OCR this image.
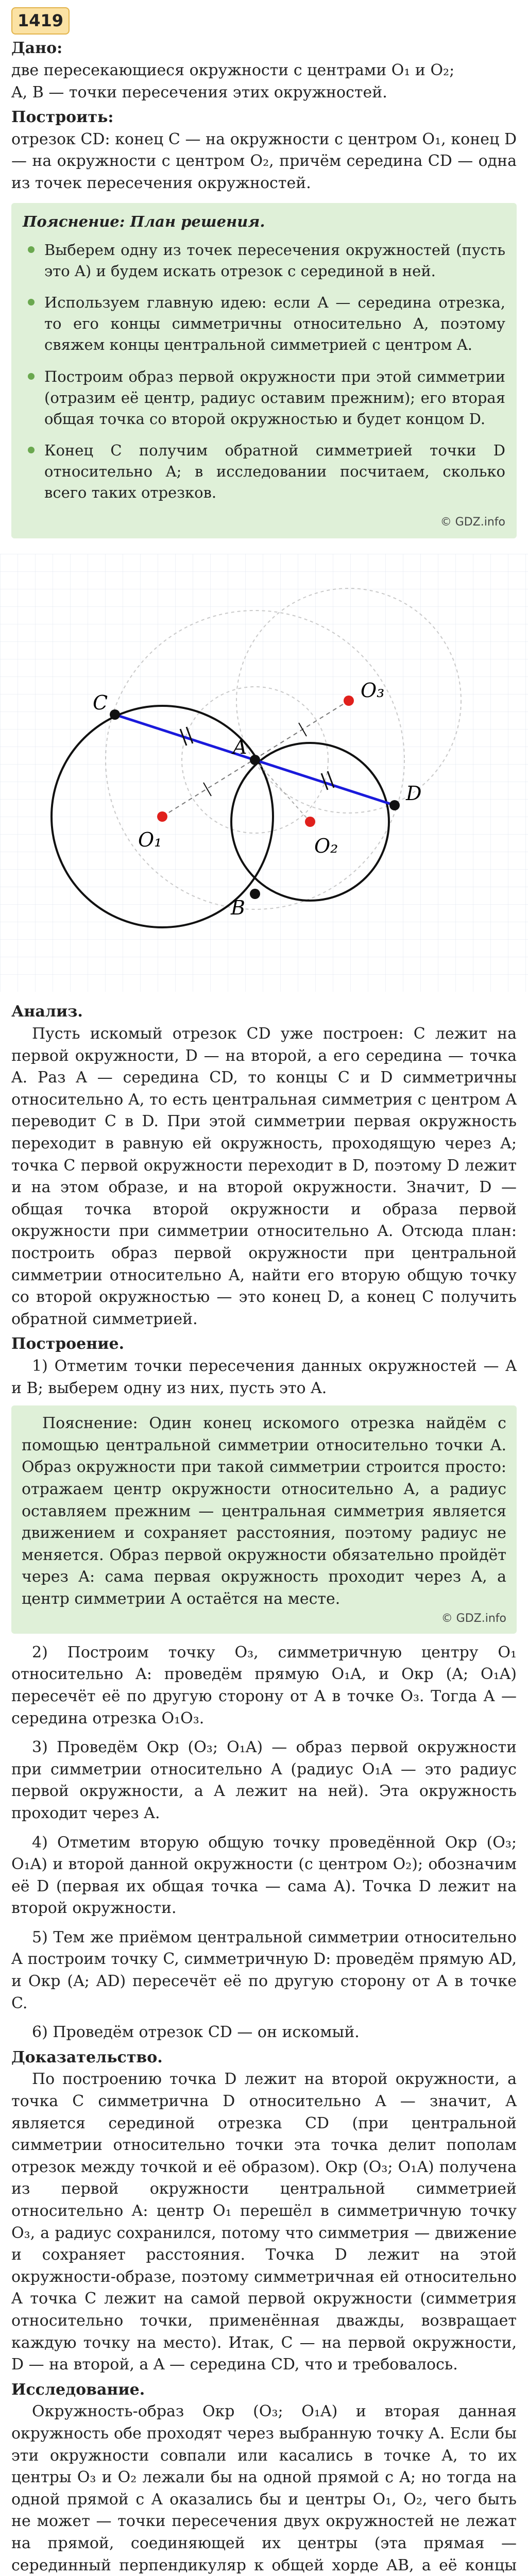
1419
Дано:

две пересекающиеся окружности с центрами O₁ и O₂;

A, B — точки пересечения этих окружностей.

Построить:

отрезок CD: конец C — на окружности с центром O₁, конец D — на окружности с центром O₂, причём середина CD — одна из точек пересечения окружностей.

Пояснение: План решения.
Выберем одну из точек пересечения окружностей (пусть это A) и будем искать отрезок с серединой в ней.
Используем главную идею: если A — середина отрезка, то его концы симметричны относительно A, поэтому свяжем концы центральной симметрией с центром A.
Построим образ первой окружности при этой симметрии (отразим её центр, радиус оставим прежним); его вторая общая точка со второй окружностью и будет концом D.
Конец C получим обратной симметрией точки D относительно A; в исследовании посчитаем, сколько всего таких отрезков.
© GDZ.info
C
A
D
B
O₁	O₂
O₃
Анализ.

Пусть искомый отрезок CD уже построен: C лежит на первой окружности, D — на второй, а его середина — точка A. Раз A — середина CD, то концы C и D симметричны относительно A, то есть центральная симметрия с центром A переводит C в D. При этой симметрии первая окружность переходит в равную ей окружность, проходящую через A; точка C первой окружности переходит в D, поэтому D лежит и на этом образе, и на второй окружности. Значит, D — общая точка второй окружности и образа первой окружности при симметрии относительно A. Отсюда план: построить образ первой окружности при центральной симметрии относительно A, найти его вторую общую точку со второй окружностью — это конец D, а конец C получить обратной симметрией.

Построение.

1) Отметим точки пересечения данных окружностей — A и B; выберем одну из них, пусть это A.

Пояснение: Один конец искомого отрезка найдём с помощью центральной симметрии относительно точки A. Образ окружности при такой симметрии строится просто: отражаем центр окружности относительно A, а радиус оставляем прежним — центральная симметрия является движением и сохраняет расстояния, поэтому радиус не меняется. Образ первой окружности обязательно пройдёт через A: сама первая окружность проходит через A, а центр симметрии A остаётся на месте.

© GDZ.info

2) Построим точку O₃, симметричную центру O₁ относительно A: проведём прямую O₁A, и Окр (A; O₁A) пересечёт её по другую сторону от A в точке O₃. Тогда A — середина отрезка O₁O₃.

3) Проведём Окр (O₃; O₁A) — образ первой окружности при симметрии относительно A (радиус O₁A — это радиус первой окружности, а A лежит на ней). Эта окружность проходит через A.

4) Отметим вторую общую точку проведённой Окр (O₃; O₁A) и второй данной окружности (с центром O₂); обозначим её D (первая их общая точка — сама A). Точка D лежит на второй окружности.

5) Тем же приёмом центральной симметрии относительно A построим точку C, симметричную D: проведём прямую AD, и Окр (A; AD) пересечёт её по другую сторону от A в точке C.

6) Проведём отрезок CD — он искомый.

Доказательство.

По построению точка D лежит на второй окружности, а точка C симметрична D относительно A — значит, A является серединой отрезка CD (при центральной симметрии относительно точки эта точка делит пополам отрезок между точкой и её образом). Окр (O₃; O₁A) получена из первой окружности центральной симметрией относительно A: центр O₁ перешёл в симметричную точку O₃, а радиус сохранился, потому что симметрия — движение и сохраняет расстояния. Точка D лежит на этой окружности-образе, поэтому симметричная ей относительно A точка C лежит на самой первой окружности (симметрия относительно точки, применённая дважды, возвращает каждую точку на место). Итак, C — на первой окружности, D — на второй, а A — середина CD, что и требовалось.

Исследование.

Окружность-образ Окр (O₃; O₁A) и вторая данная окружность обе проходят через выбранную точку A. Если бы эти окружности совпали или касались в точке A, то их центры O₃ и O₂ лежали бы на одной прямой с A; но тогда на одной прямой с A оказались бы и центры O₁, O₂, чего быть не может — точки пересечения двух окружностей не лежат на прямой, соединяющей их центры (эта прямая — серединный перпендикуляр к общей хорде AB, а её концы
